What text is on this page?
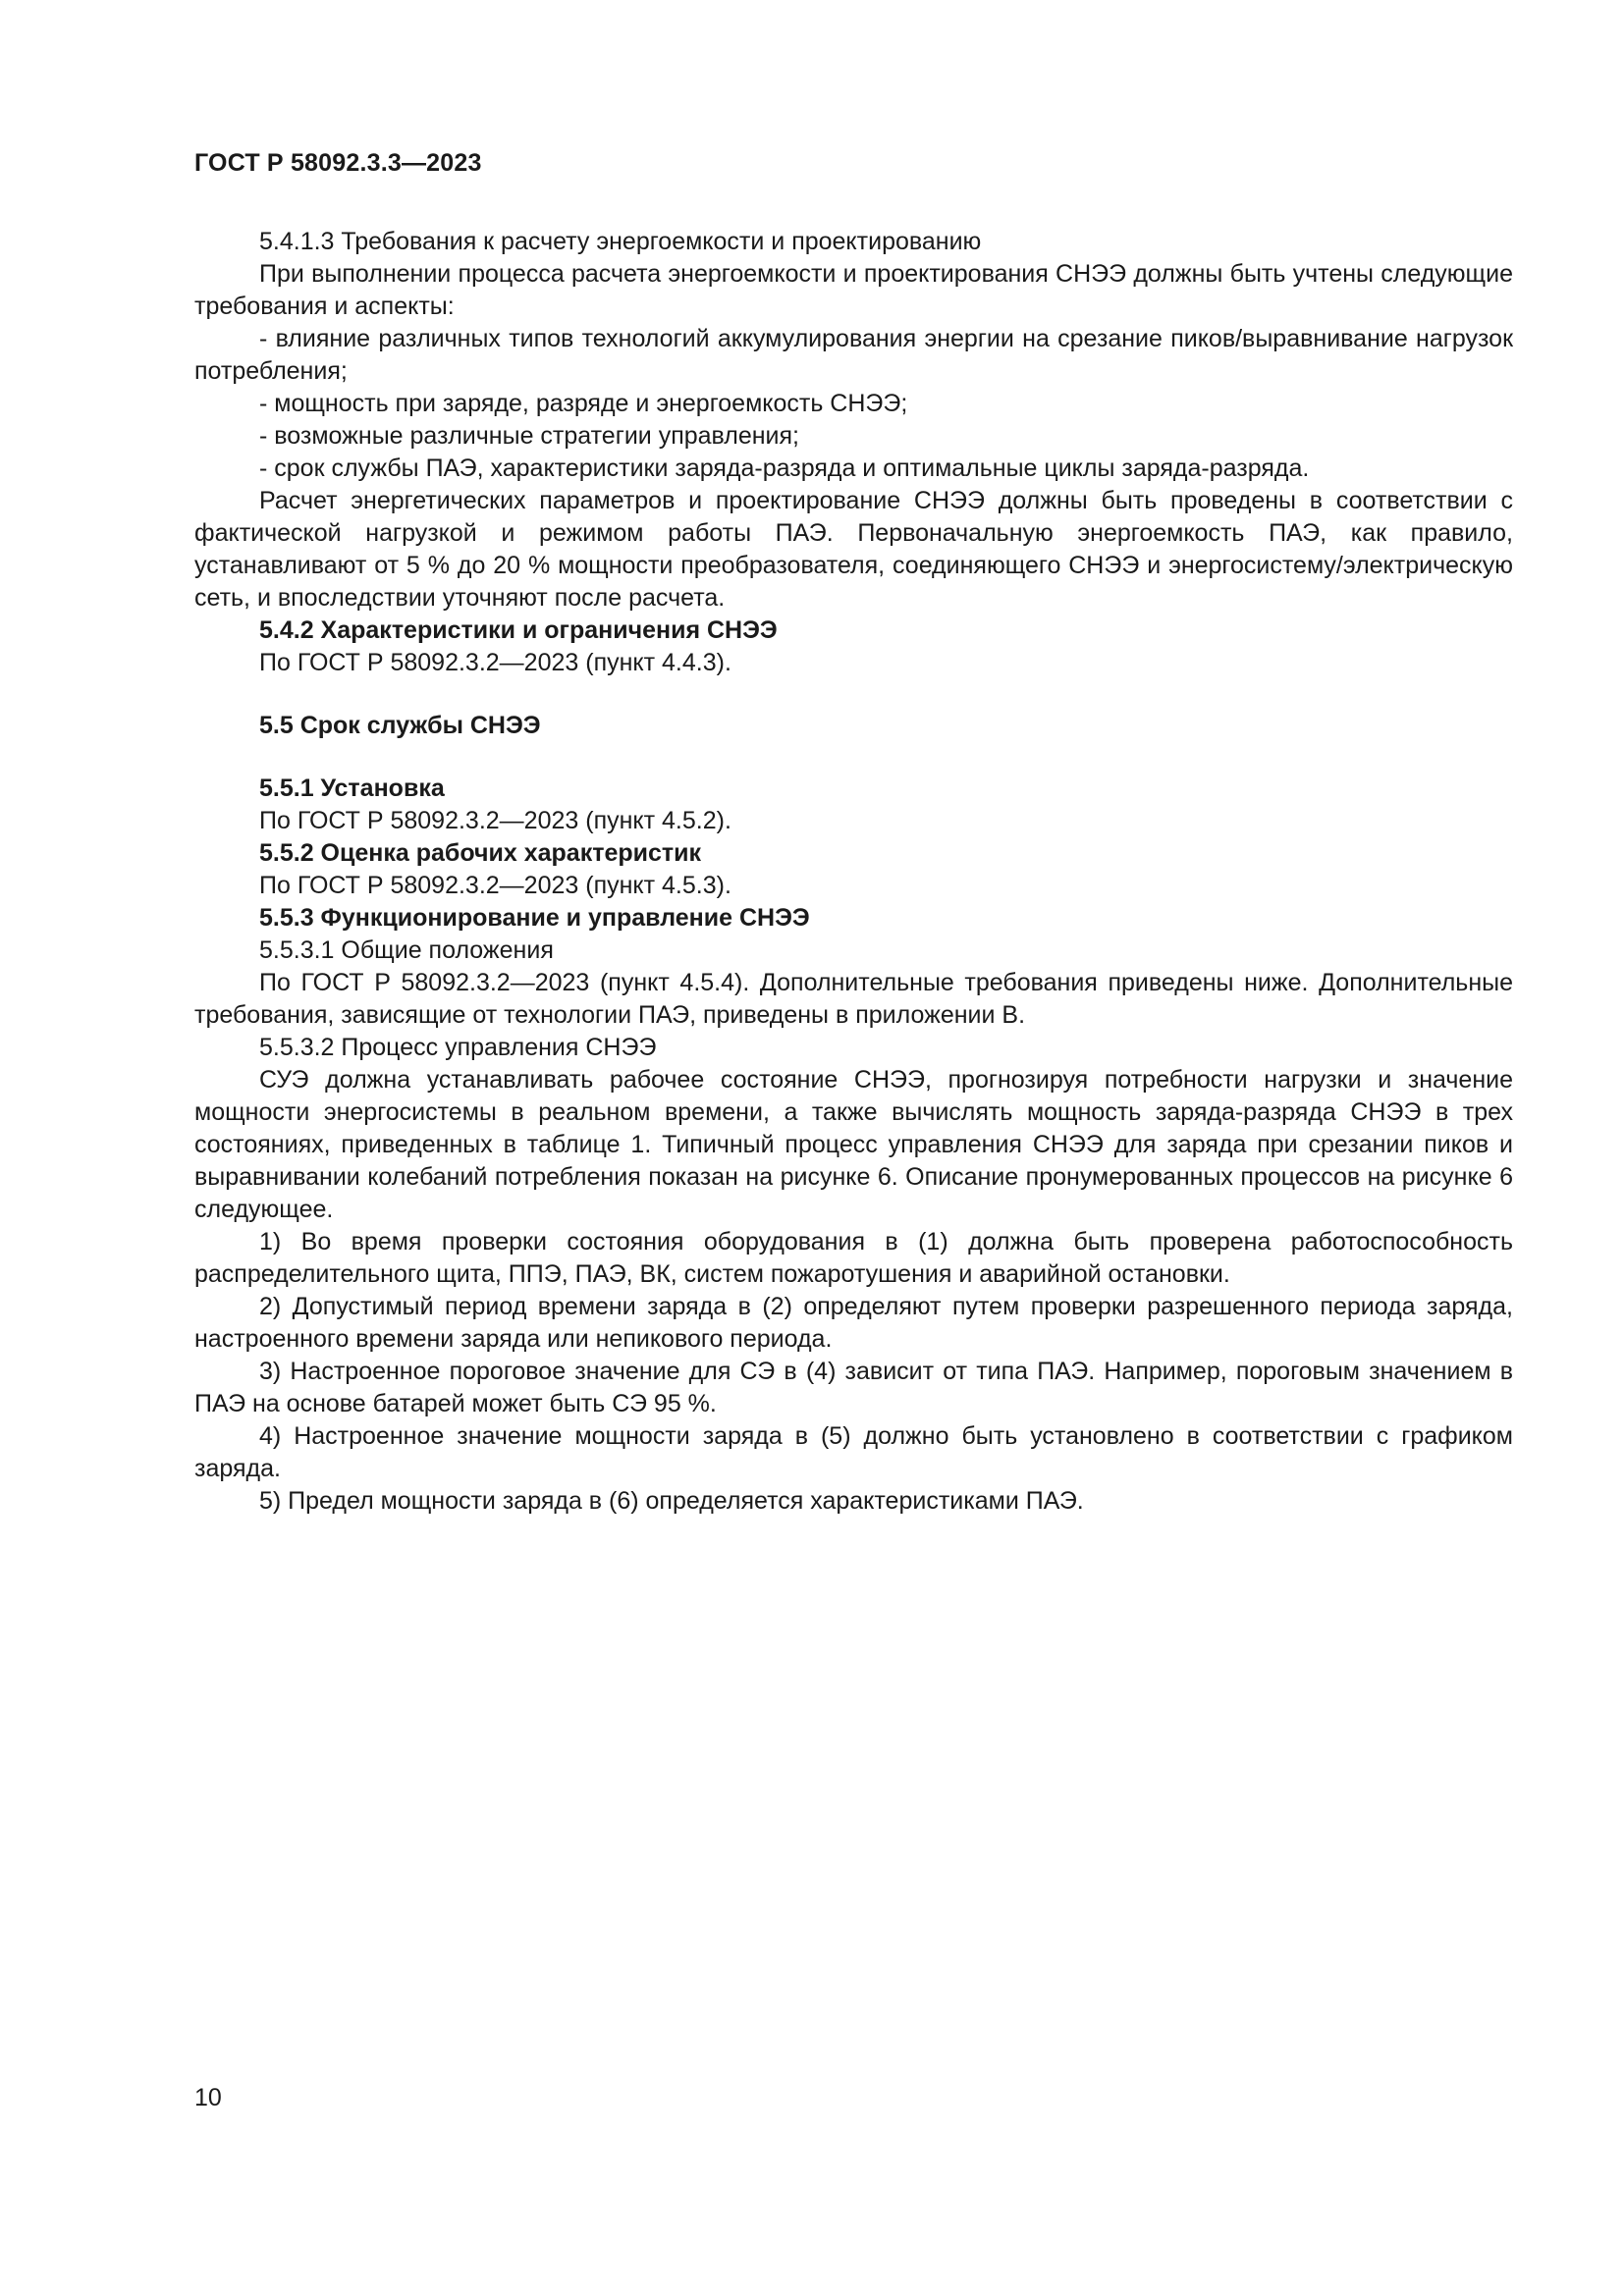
ГОСТ Р 58092.3.3—2023

5.4.1.3 Требования к расчету энергоемкости и проектированию

При выполнении процесса расчета энергоемкости и проектирования СНЭЭ должны быть учтены следующие требования и аспекты:

- влияние различных типов технологий аккумулирования энергии на срезание пиков/выравнивание нагрузок потребления;

- мощность при заряде, разряде и энергоемкость СНЭЭ;

- возможные различные стратегии управления;

- срок службы ПАЭ, характеристики заряда-разряда и оптимальные циклы заряда-разряда.

Расчет энергетических параметров и проектирование СНЭЭ должны быть проведены в соответствии с фактической нагрузкой и режимом работы ПАЭ. Первоначальную энергоемкость ПАЭ, как правило, устанавливают от 5 % до 20 % мощности преобразователя, соединяющего СНЭЭ и энергосистему/электрическую сеть, и впоследствии уточняют после расчета.

5.4.2 Характеристики и ограничения СНЭЭ

По ГОСТ Р 58092.3.2—2023 (пункт 4.4.3).

5.5 Срок службы СНЭЭ

5.5.1 Установка

По ГОСТ Р 58092.3.2—2023 (пункт 4.5.2).

5.5.2 Оценка рабочих характеристик

По ГОСТ Р 58092.3.2—2023 (пункт 4.5.3).

5.5.3 Функционирование и управление СНЭЭ

5.5.3.1 Общие положения

По ГОСТ Р 58092.3.2—2023 (пункт 4.5.4). Дополнительные требования приведены ниже. Дополнительные требования, зависящие от технологии ПАЭ, приведены в приложении В.

5.5.3.2 Процесс управления СНЭЭ

СУЭ должна устанавливать рабочее состояние СНЭЭ, прогнозируя потребности нагрузки и значение мощности энергосистемы в реальном времени, а также вычислять мощность заряда-разряда СНЭЭ в трех состояниях, приведенных в таблице 1. Типичный процесс управления СНЭЭ для заряда при срезании пиков и выравнивании колебаний потребления показан на рисунке 6. Описание пронумерованных процессов на рисунке 6 следующее.

1) Во время проверки состояния оборудования в (1) должна быть проверена работоспособность распределительного щита, ППЭ, ПАЭ, ВК, систем пожаротушения и аварийной остановки.

2) Допустимый период времени заряда в (2) определяют путем проверки разрешенного периода заряда, настроенного времени заряда или непикового периода.

3) Настроенное пороговое значение для СЭ в (4) зависит от типа ПАЭ. Например, пороговым значением в ПАЭ на основе батарей может быть СЭ 95 %.

4) Настроенное значение мощности заряда в (5) должно быть установлено в соответствии с графиком заряда.

5) Предел мощности заряда в (6) определяется характеристиками ПАЭ.

10
